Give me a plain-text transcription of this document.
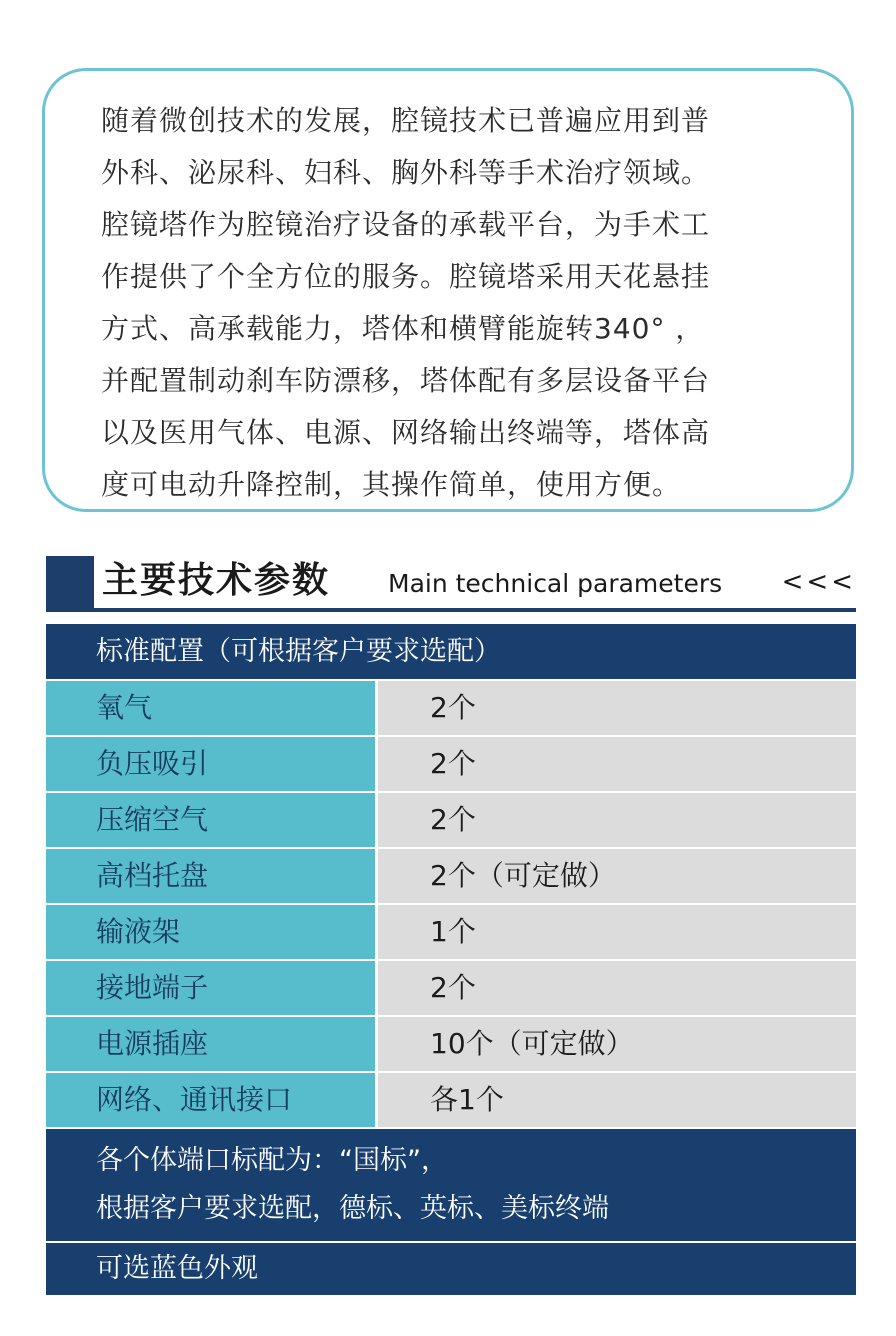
随着微创技术的发展，腔镜技术已普遍应用到普
外科、泌尿科、妇科、胸外科等手术治疗领域。
腔镜塔作为腔镜治疗设备的承载平台，为手术工
作提供了个全方位的服务。腔镜塔采用天花悬挂
方式、高承载能力，塔体和横臂能旋转340° ，
并配置制动刹车防漂移，塔体配有多层设备平台
以及医用气体、电源、网络输出终端等，塔体高
度可电动升降控制，其操作简单，使用方便。

主要技术参数 Main technical parameters <<<
标准配置（可根据客户要求选配）
氧气	2个
负压吸引	2个
压缩空气	2个
高档托盘	2个（可定做）
输液架	1个
接地端子	2个
电源插座	10个（可定做）
网络、通讯接口	各1个
各个体端口标配为：“国标”，
根据客户要求选配，德标、英标、美标终端
可选蓝色外观
